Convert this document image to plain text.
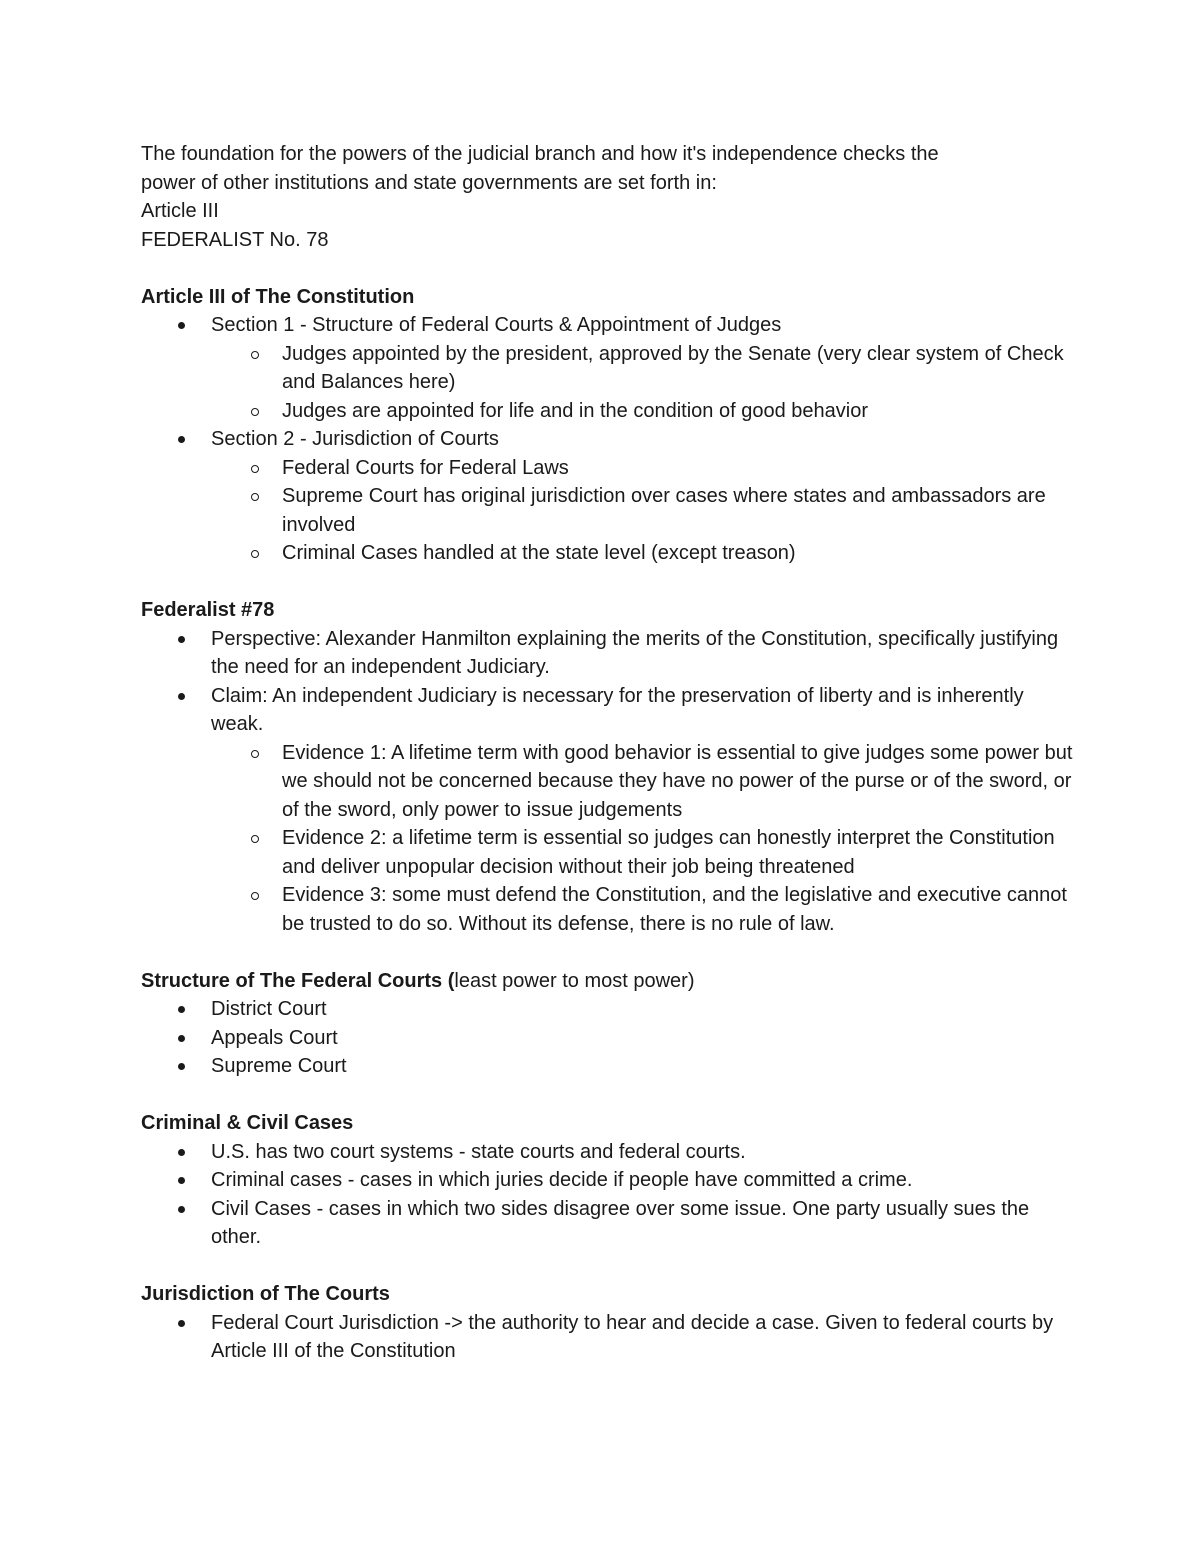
The foundation for the powers of the judicial branch and how it's independence checks the

power of other institutions and state governments are set forth in:

Article III

FEDERALIST No. 78

Article III of The Constitution
Section 1 - Structure of Federal Courts & Appointment of Judges
Judges appointed by the president, approved by the Senate (very clear system of Check and Balances here)
Judges are appointed for life and in the condition of good behavior
Section 2 - Jurisdiction of Courts
Federal Courts for Federal Laws
Supreme Court has original jurisdiction over cases where states and ambassadors are involved
Criminal Cases handled at the state level (except treason)
Federalist #78
Perspective: Alexander Hanmilton explaining the merits of the Constitution, specifically justifying the need for an independent Judiciary.
Claim: An independent Judiciary is necessary for the preservation of liberty and is inherently weak.
Evidence 1: A lifetime term with good behavior is essential to give judges some power but we should not be concerned because they have no power of the purse or of the sword, or of the sword, only power to issue judgements
Evidence 2: a lifetime term is essential so judges can honestly interpret the Constitution and deliver unpopular decision without their job being threatened
Evidence 3: some must defend the Constitution, and the legislative and executive cannot be trusted to do so. Without its defense, there is no rule of law.
Structure of The Federal Courts (least power to most power)
District Court
Appeals Court
Supreme Court
Criminal & Civil Cases
U.S. has two court systems - state courts and federal courts.
Criminal cases - cases in which juries decide if people have committed a crime.
Civil Cases - cases in which two sides disagree over some issue. One party usually sues the other.
Jurisdiction of The Courts
Federal Court Jurisdiction -> the authority to hear and decide a case. Given to federal courts by Article III of the Constitution
